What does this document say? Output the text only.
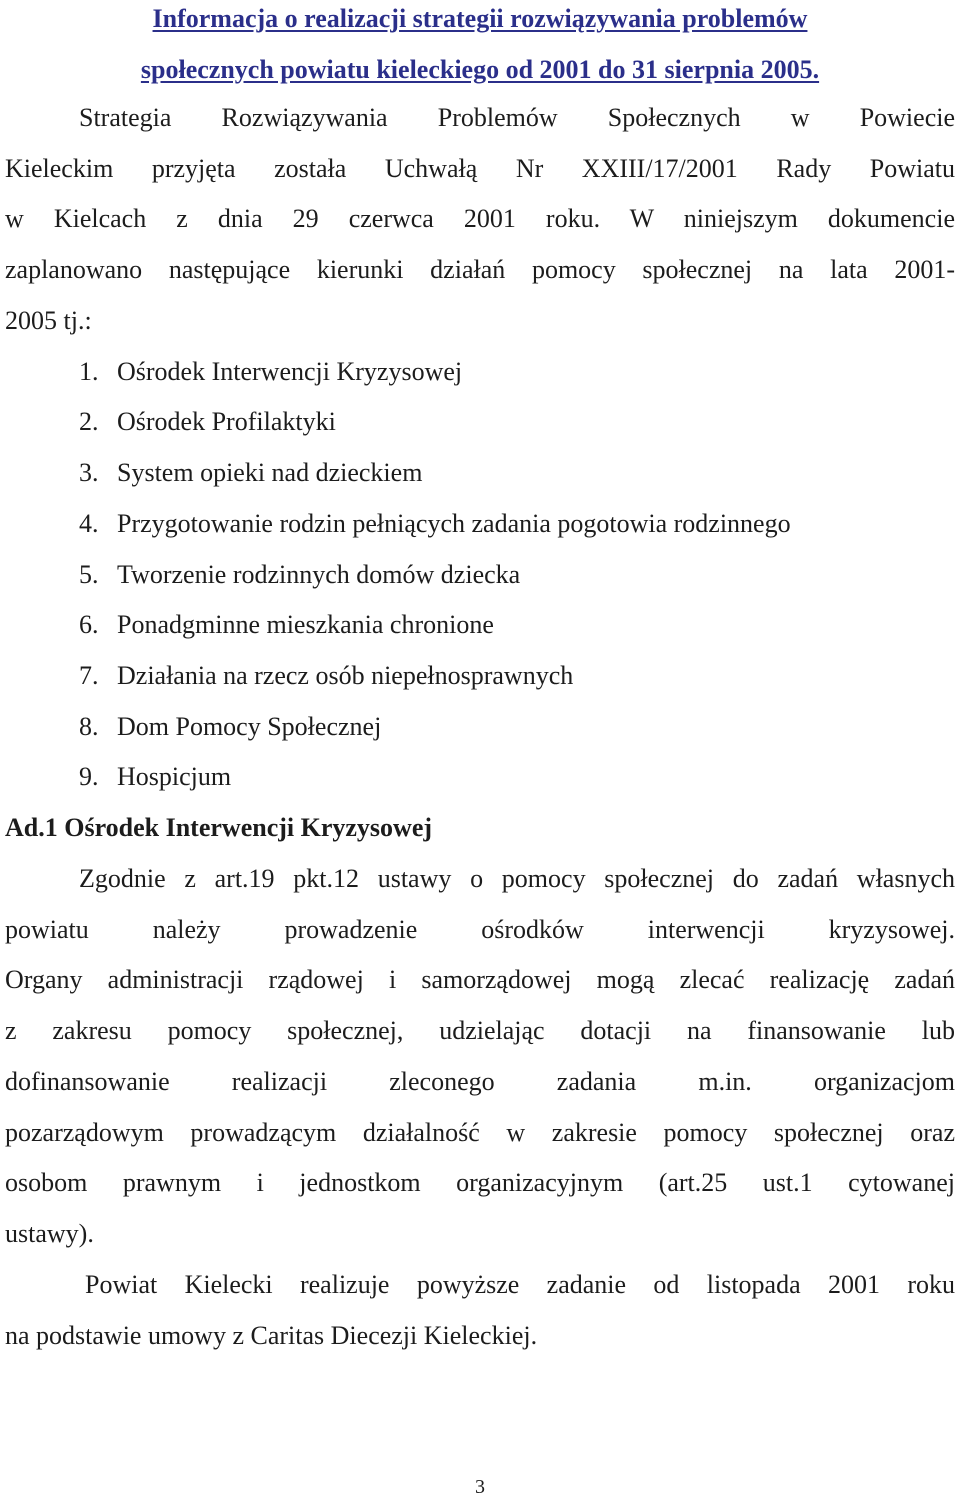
Informacja o realizacji strategii rozwiązywania problemów

społecznych powiatu kieleckiego od 2001 do 31 sierpnia 2005.

Strategia Rozwiązywania Problemów Społecznych w Powiecie

Kieleckim przyjęta została Uchwałą Nr XXIII/17/2001 Rady Powiatu

w Kielcach z dnia 29 czerwca 2001 roku. W niniejszym dokumencie

zaplanowano następujące kierunki działań pomocy społecznej na lata 2001-

2005 tj.:

1. Ośrodek Interwencji Kryzysowej

2. Ośrodek Profilaktyki

3. System opieki nad dzieckiem

4. Przygotowanie rodzin pełniących zadania pogotowia rodzinnego

5. Tworzenie rodzinnych domów dziecka

6. Ponadgminne mieszkania chronione

7. Działania na rzecz osób niepełnosprawnych

8. Dom Pomocy Społecznej

9. Hospicjum

Ad.1 Ośrodek Interwencji Kryzysowej

Zgodnie z art.19 pkt.12 ustawy o pomocy społecznej do zadań własnych

powiatu należy prowadzenie ośrodków interwencji kryzysowej.

Organy administracji rządowej i samorządowej mogą zlecać realizację zadań

z zakresu pomocy społecznej, udzielając dotacji na finansowanie lub

dofinansowanie realizacji zleconego zadania m.in. organizacjom

pozarządowym prowadzącym działalność w zakresie pomocy społecznej oraz

osobom prawnym i jednostkom organizacyjnym (art.25 ust.1 cytowanej

ustawy).

Powiat Kielecki realizuje powyższe zadanie od listopada 2001 roku

na podstawie umowy z Caritas Diecezji Kieleckiej.

3
